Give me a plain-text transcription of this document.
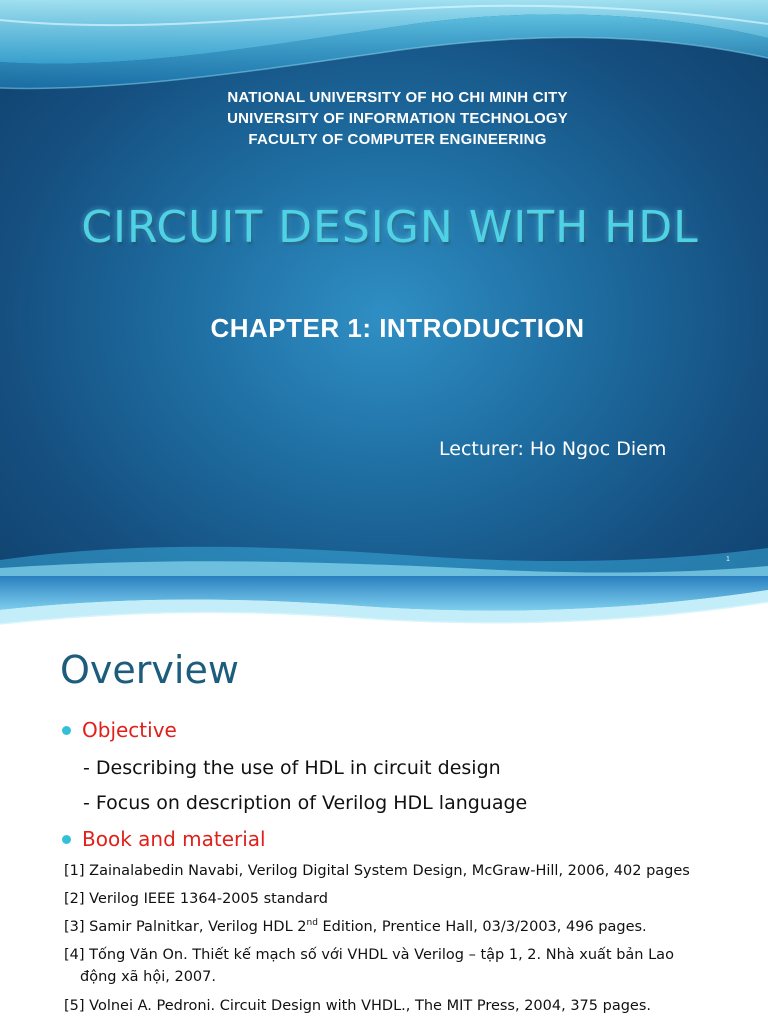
NATIONAL UNIVERSITY OF HO CHI MINH CITY
UNIVERSITY OF INFORMATION TECHNOLOGY
FACULTY OF COMPUTER ENGINEERING
CIRCUIT DESIGN WITH HDL
CHAPTER 1: INTRODUCTION
Lecturer: Ho Ngoc Diem
1
Overview
Objective
- Describing the use of HDL in circuit design
- Focus on description of Verilog HDL language
Book and material
[1] Zainalabedin Navabi, Verilog Digital System Design, McGraw-Hill, 2006, 402 pages
[2] Verilog IEEE 1364-2005 standard
[3] Samir Palnitkar, Verilog HDL 2nd Edition, Prentice Hall, 03/3/2003, 496 pages.
[4] Tống Văn On. Thiết kế mạch số với VHDL và Verilog – tập 1, 2. Nhà xuất bản Lao
động xã hội, 2007.
[5] Volnei A. Pedroni. Circuit Design with VHDL., The MIT Press, 2004, 375 pages.
